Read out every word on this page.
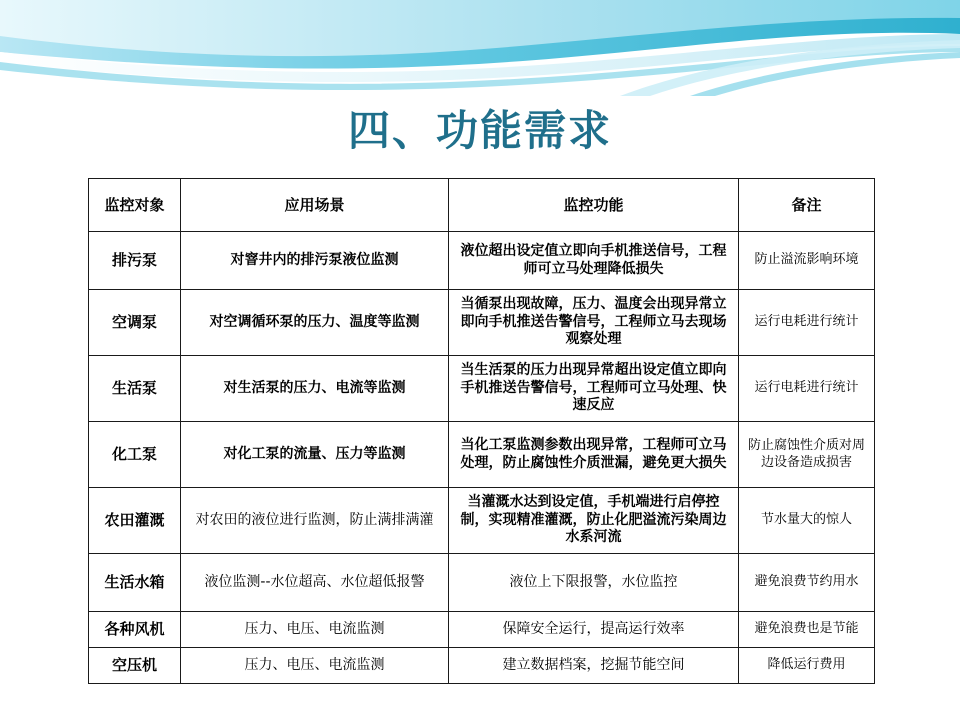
四、功能需求
监控对象	应用场景	监控功能	备注
排污泵	对窨井内的排污泵液位监测	液位超出设定值立即向手机推送信号，工程师可立马处理降低损失	防止溢流影响环境
空调泵	对空调循环泵的压力、温度等监测	当循泵出现故障，压力、温度会出现异常立即向手机推送告警信号，工程师立马去现场观察处理	运行电耗进行统计
生活泵	对生活泵的压力、电流等监测	当生活泵的压力出现异常超出设定值立即向手机推送告警信号，工程师可立马处理、快速反应	运行电耗进行统计
化工泵	对化工泵的流量、压力等监测	当化工泵监测参数出现异常，工程师可立马处理，防止腐蚀性介质泄漏，避免更大损失	防止腐蚀性介质对周边设备造成损害
农田灌溉	对农田的液位进行监测，防止满排满灌	当灌溉水达到设定值，手机端进行启停控制，实现精准灌溉，防止化肥溢流污染周边水系河流	节水量大的惊人
生活水箱	液位监测--水位超高、水位超低报警	液位上下限报警，水位监控	避免浪费节约用水
各种风机	压力、电压、电流监测	保障安全运行，提高运行效率	避免浪费也是节能
空压机	压力、电压、电流监测	建立数据档案，挖掘节能空间	降低运行费用
